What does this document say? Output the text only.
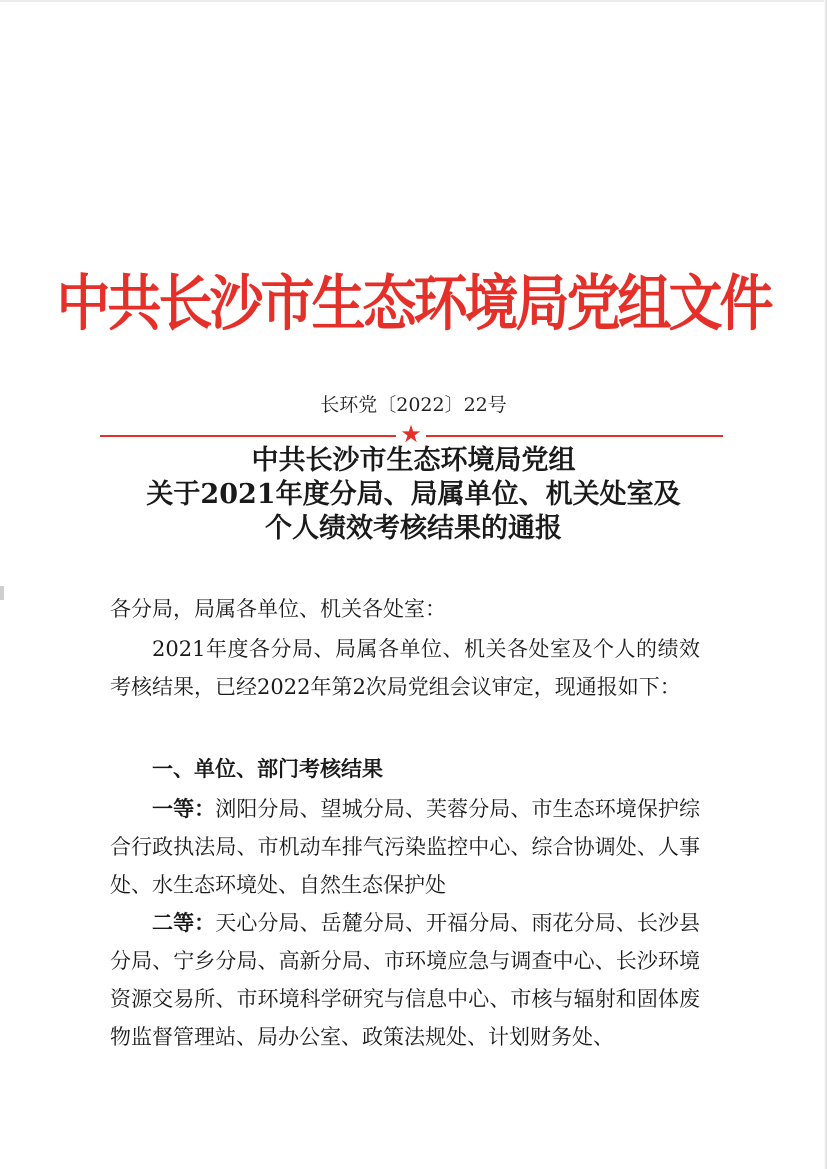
中共长沙市生态环境局党组文件
长环党〔2022〕22号
★
中共长沙市生态环境局党组
关于2021年度分局、局属单位、机关处室及
个人绩效考核结果的通报
各分局，局属各单位、机关各处室：
2021年度各分局、局属各单位、机关各处室及个人的绩效考核结果，已经2022年第2次局党组会议审定，现通报如下：
一、单位、部门考核结果
一等：浏阳分局、望城分局、芙蓉分局、市生态环境保护综合行政执法局、市机动车排气污染监控中心、综合协调处、人事处、水生态环境处、自然生态保护处
二等：天心分局、岳麓分局、开福分局、雨花分局、长沙县分局、宁乡分局、高新分局、市环境应急与调查中心、长沙环境资源交易所、市环境科学研究与信息中心、市核与辐射和固体废物监督管理站、局办公室、政策法规处、计划财务处、
